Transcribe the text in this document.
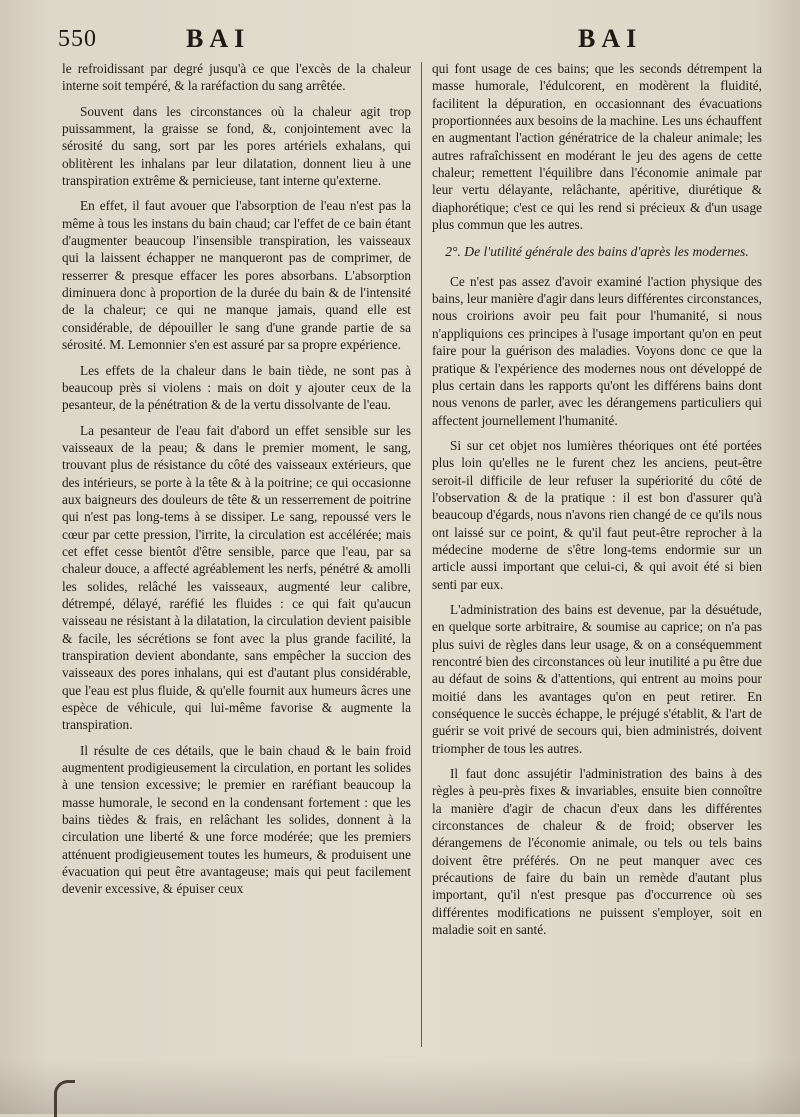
550	BAI	BAI

le refroidissant par degré jusqu'à ce que l'excès de la chaleur interne soit tempéré, & la raréfaction du sang arrêtée.

Souvent dans les circonstances où la chaleur agit trop puissamment, la graisse se fond, &, conjointement avec la sérosité du sang, sort par les pores artériels exhalans, qui oblitèrent les inhalans par leur dilatation, donnent lieu à une transpiration extrême & pernicieuse, tant interne qu'externe.

En effet, il faut avouer que l'absorption de l'eau n'est pas la même à tous les instans du bain chaud; car l'effet de ce bain étant d'augmenter beaucoup l'insensible transpiration, les vaisseaux qui la laissent échapper ne manqueront pas de comprimer, de resserrer & presque effacer les pores absorbans. L'absorption diminuera donc à proportion de la durée du bain & de l'intensité de la chaleur; ce qui ne manque jamais, quand elle est considérable, de dépouiller le sang d'une grande partie de sa sérosité. M. Lemonnier s'en est assuré par sa propre expérience.

Les effets de la chaleur dans le bain tiède, ne sont pas à beaucoup près si violens : mais on doit y ajouter ceux de la pesanteur, de la pénétration & de la vertu dissolvante de l'eau.

La pesanteur de l'eau fait d'abord un effet sensible sur les vaisseaux de la peau; & dans le premier moment, le sang, trouvant plus de résistance du côté des vaisseaux extérieurs, que des intérieurs, se porte à la tête & à la poitrine; ce qui occasionne aux baigneurs des douleurs de tête & un resserrement de poitrine qui n'est pas long-tems à se dissiper. Le sang, repoussé vers le cœur par cette pression, l'irrite, la circulation est accélérée; mais cet effet cesse bientôt d'être sensible, parce que l'eau, par sa chaleur douce, a affecté agréablement les nerfs, pénétré & amolli les solides, relâché les vaisseaux, augmenté leur calibre, détrempé, délayé, raréfié les fluides : ce qui fait qu'aucun vaisseau ne résistant à la dilatation, la circulation devient paisible & facile, les sécrétions se font avec la plus grande facilité, la transpiration devient abondante, sans empêcher la succion des vaisseaux des pores inhalans, qui est d'autant plus considérable, que l'eau est plus fluide, & qu'elle fournit aux humeurs âcres une espèce de véhicule, qui lui-même favorise & augmente la transpiration.

Il résulte de ces détails, que le bain chaud & le bain froid augmentent prodigieusement la circulation, en portant les solides à une tension excessive; le premier en raréfiant beaucoup la masse humorale, le second en la condensant fortement : que les bains tièdes & frais, en relâchant les solides, donnent à la circulation une liberté & une force modérée; que les premiers atténuent prodigieusement toutes les humeurs, & produisent une évacuation qui peut être avantageuse; mais qui peut facilement devenir excessive, & épuiser ceux

qui font usage de ces bains; que les seconds détrempent la masse humorale, l'édulcorent, en modèrent la fluidité, facilitent la dépuration, en occasionnant des évacuations proportionnées aux besoins de la machine. Les uns échauffent en augmentant l'action génératrice de la chaleur animale; les autres rafraîchissent en modérant le jeu des agens de cette chaleur; remettent l'équilibre dans l'économie animale par leur vertu délayante, relâchante, apéritive, diurétique & diaphorétique; c'est ce qui les rend si précieux & d'un usage plus commun que les autres.

2°. De l'utilité générale des bains d'après les modernes.

Ce n'est pas assez d'avoir examiné l'action physique des bains, leur manière d'agir dans leurs différentes circonstances, nous croirions avoir peu fait pour l'humanité, si nous n'appliquions ces principes à l'usage important qu'on en peut faire pour la guérison des maladies. Voyons donc ce que la pratique & l'expérience des modernes nous ont développé de plus certain dans les rapports qu'ont les différens bains dont nous venons de parler, avec les dérangemens particuliers qui affectent journellement l'humanité.

Si sur cet objet nos lumières théoriques ont été portées plus loin qu'elles ne le furent chez les anciens, peut-être seroit-il difficile de leur refuser la supériorité du côté de l'observation & de la pratique : il est bon d'assurer qu'à beaucoup d'égards, nous n'avons rien changé de ce qu'ils nous ont laissé sur ce point, & qu'il faut peut-être reprocher à la médecine moderne de s'être long-tems endormie sur un article aussi important que celui-ci, & qui avoit été si bien senti par eux.

L'administration des bains est devenue, par la désuétude, en quelque sorte arbitraire, & soumise au caprice; on n'a pas plus suivi de règles dans leur usage, & on a conséquemment rencontré bien des circonstances où leur inutilité a pu être due au défaut de soins & d'attentions, qui entrent au moins pour moitié dans les avantages qu'on en peut retirer. En conséquence le succès échappe, le préjugé s'établit, & l'art de guérir se voit privé de secours qui, bien administrés, doivent triompher de tous les autres.

Il faut donc assujétir l'administration des bains à des règles à peu-près fixes & invariables, ensuite bien connoître la manière d'agir de chacun d'eux dans les différentes circonstances de chaleur & de froid; observer les dérangemens de l'économie animale, ou tels ou tels bains doivent être préférés. On ne peut manquer avec ces précautions de faire du bain un remède d'autant plus important, qu'il n'est presque pas d'occurrence où ses différentes modifications ne puissent s'employer, soit en maladie soit en santé.
